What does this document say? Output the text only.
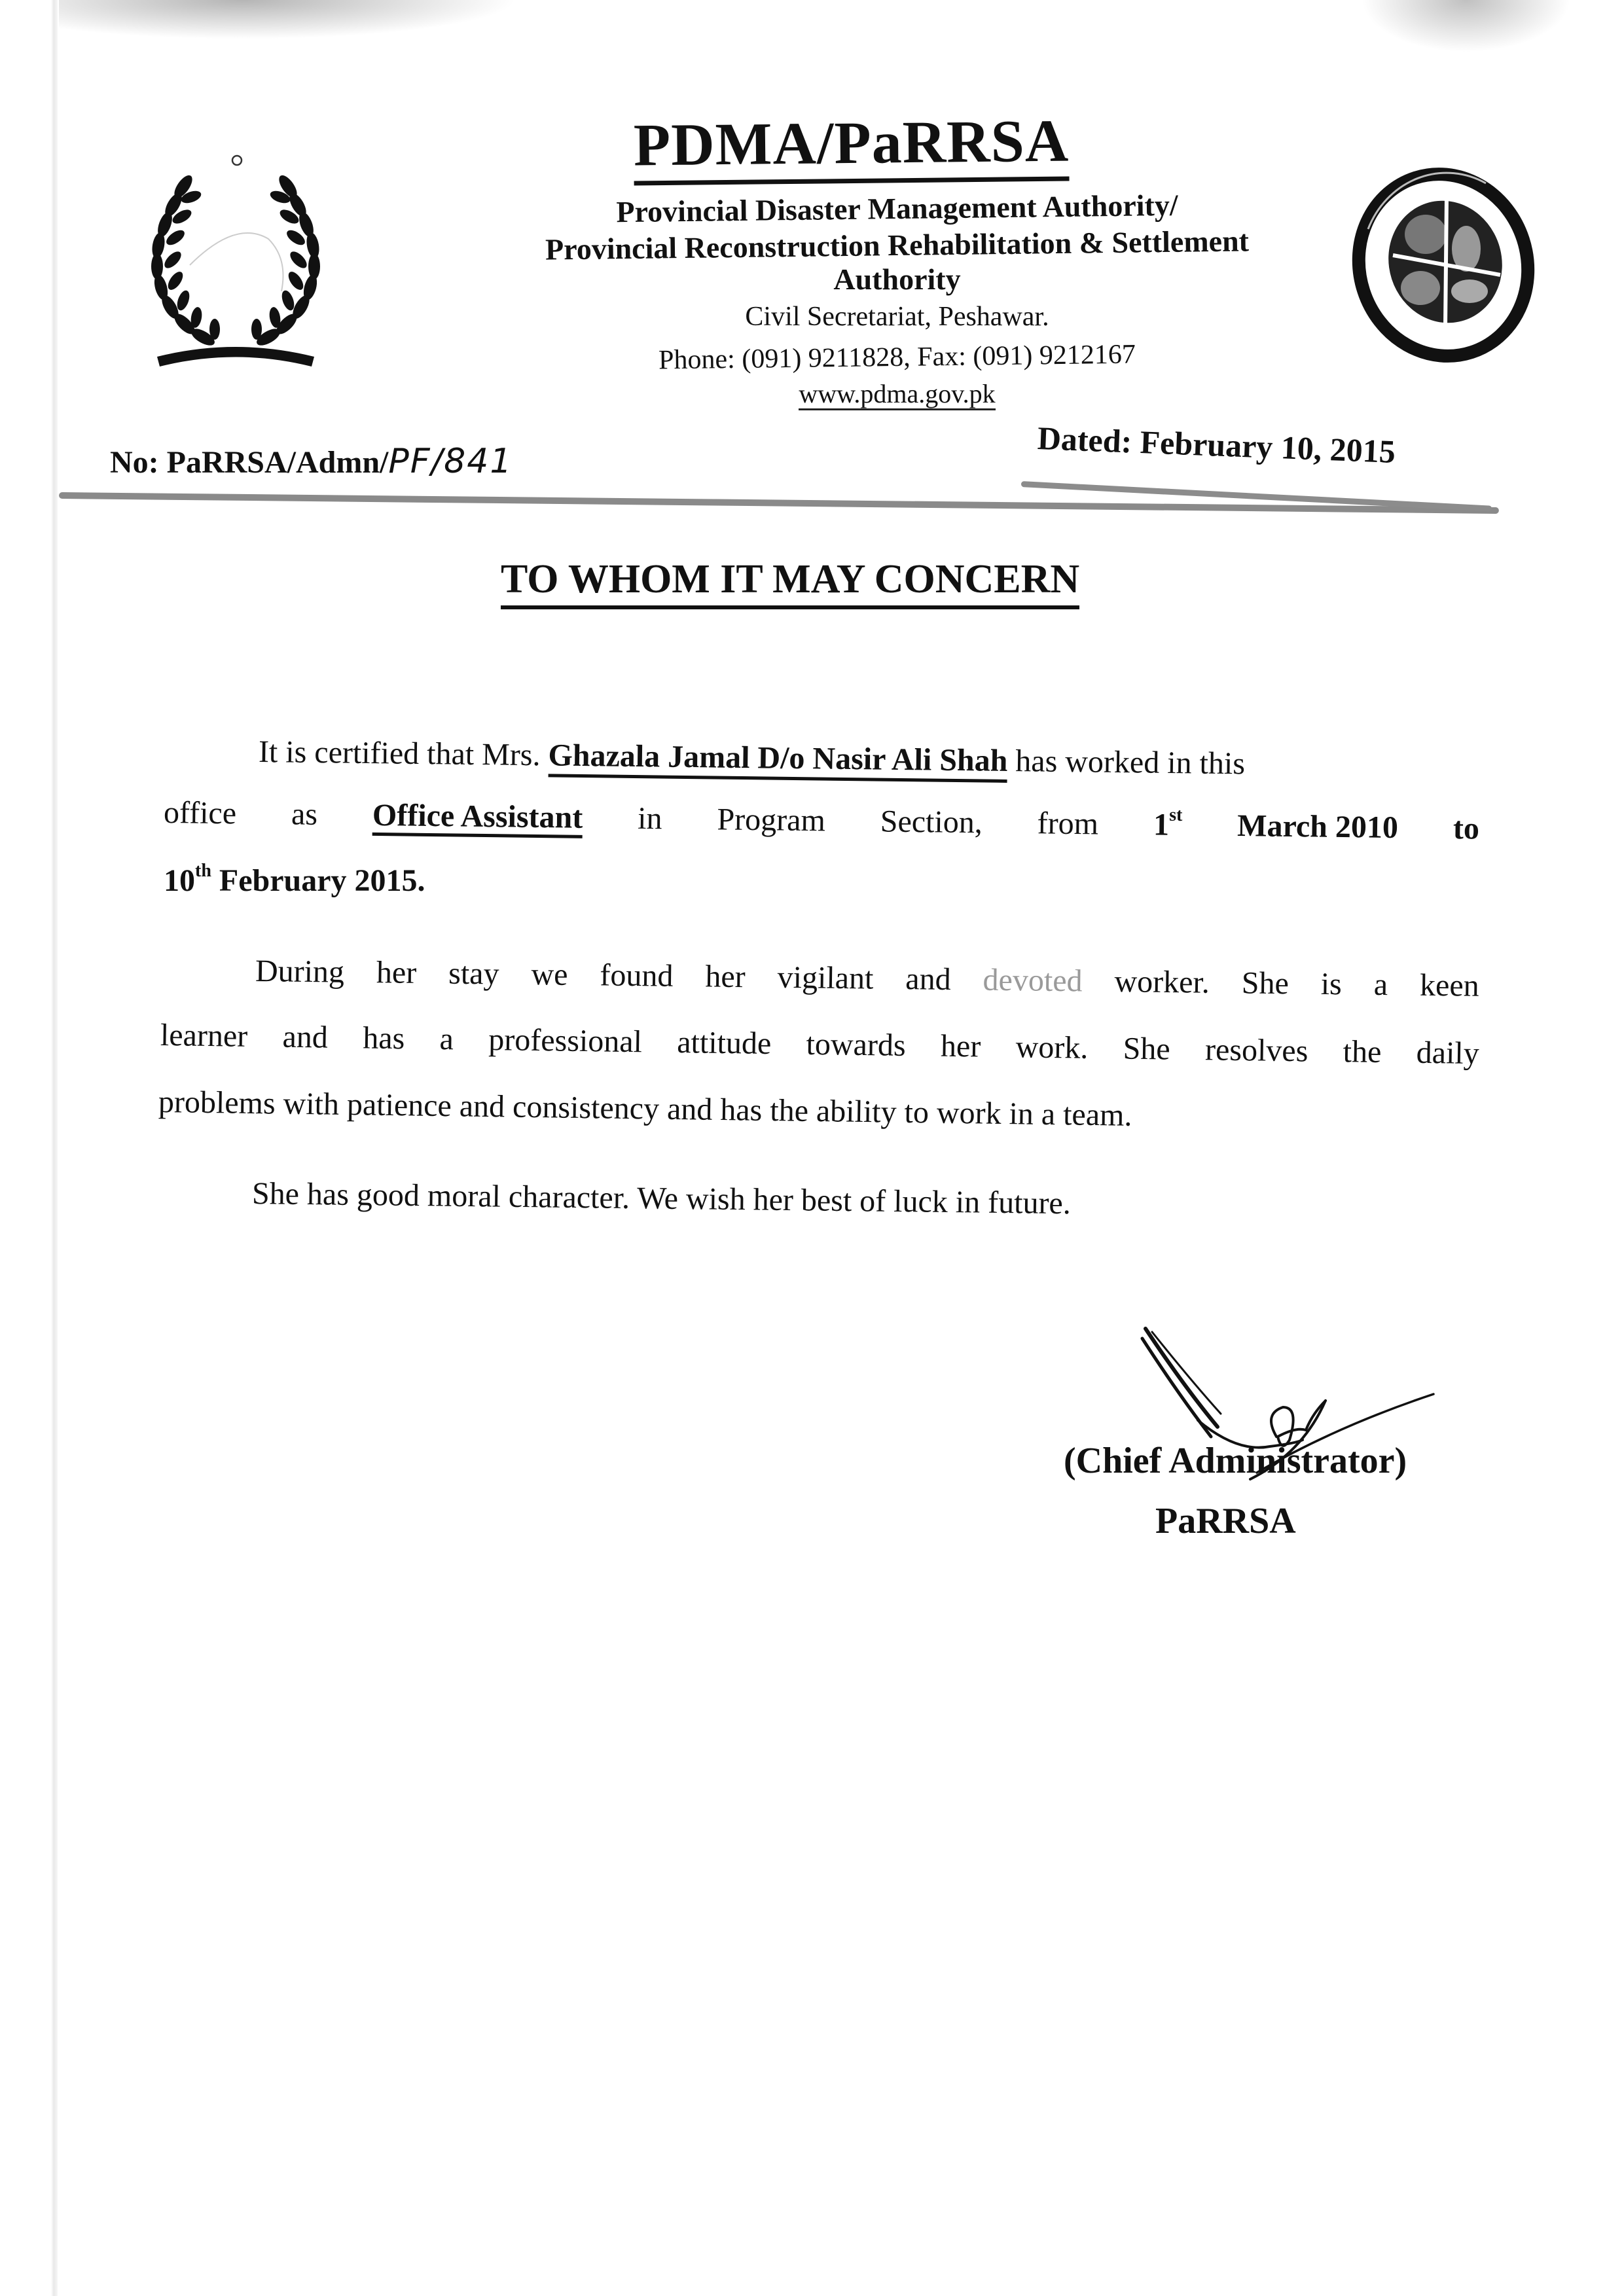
PDMA/PaRRSA
Provincial Disaster Management Authority/
Provincial Reconstruction Rehabilitation & Settlement
Authority
Civil Secretariat, Peshawar.
Phone: (091) 9211828, Fax: (091) 9212167
www.pdma.gov.pk
No: PaRRSA/Admn/PF/841	Dated: February 10, 2015
TO WHOM IT MAY CONCERN
It is certified that Mrs. Ghazala Jamal D/o Nasir Ali Shah has worked in this
office as Office Assistant in Program Section, from 1st March 2010 to
10th February 2015.
During her stay we found her vigilant and devoted worker. She is a keen
learner and has a professional attitude towards her work. She resolves the daily
problems with patience and consistency and has the ability to work in a team.
She has good moral character. We wish her best of luck in future.
(Chief Administrator)
PaRRSA
